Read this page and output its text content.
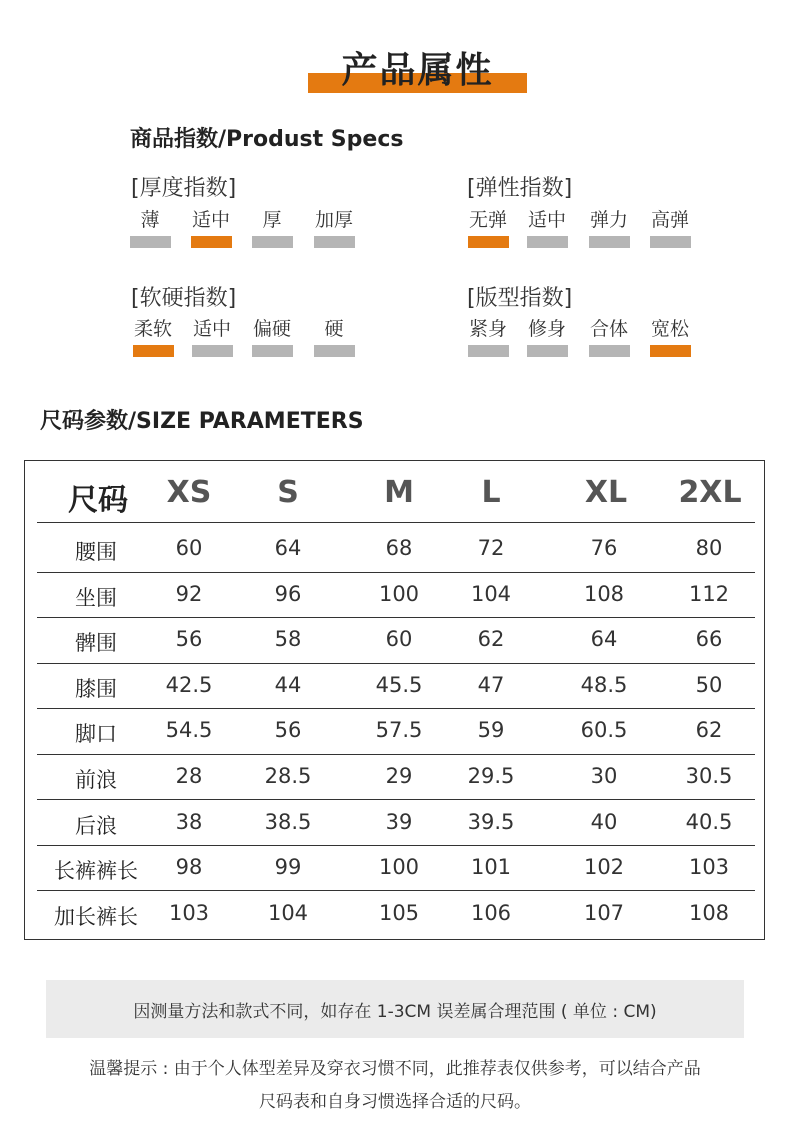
产品属性
商品指数/Produst Specs
[厚度指数]
薄	适中	厚	加厚
[弹性指数]
无弹	适中	弹力	高弹
[软硬指数]
柔软	适中	偏硬	硬
[版型指数]
紧身	修身	合体	宽松
尺码参数/SIZE PARAMETERS
尺码 XS S	M L	XL 2XL
腰围	60	64	68	72	76	80
坐围	92	96	100 104	108	112
髀围	56	58	60	62	64	66
膝围 42.5	44	45.5	47	48.5	50
脚口 54.5	56	57.5	59	60.5	62
前浪	28	28.5	29	29.5	30	30.5
后浪	38	38.5	39	39.5	40	40.5
长裤裤长 98	99	100 101	102	103
加长裤长 103	104	105 106	107	108
因测量方法和款式不同，如存在 1-3CM 误差属合理范围 ( 单位 : CM)
温馨提示 : 由于个人体型差异及穿衣习惯不同，此推荐表仅供参考，可以结合产品
尺码表和自身习惯选择合适的尺码。
